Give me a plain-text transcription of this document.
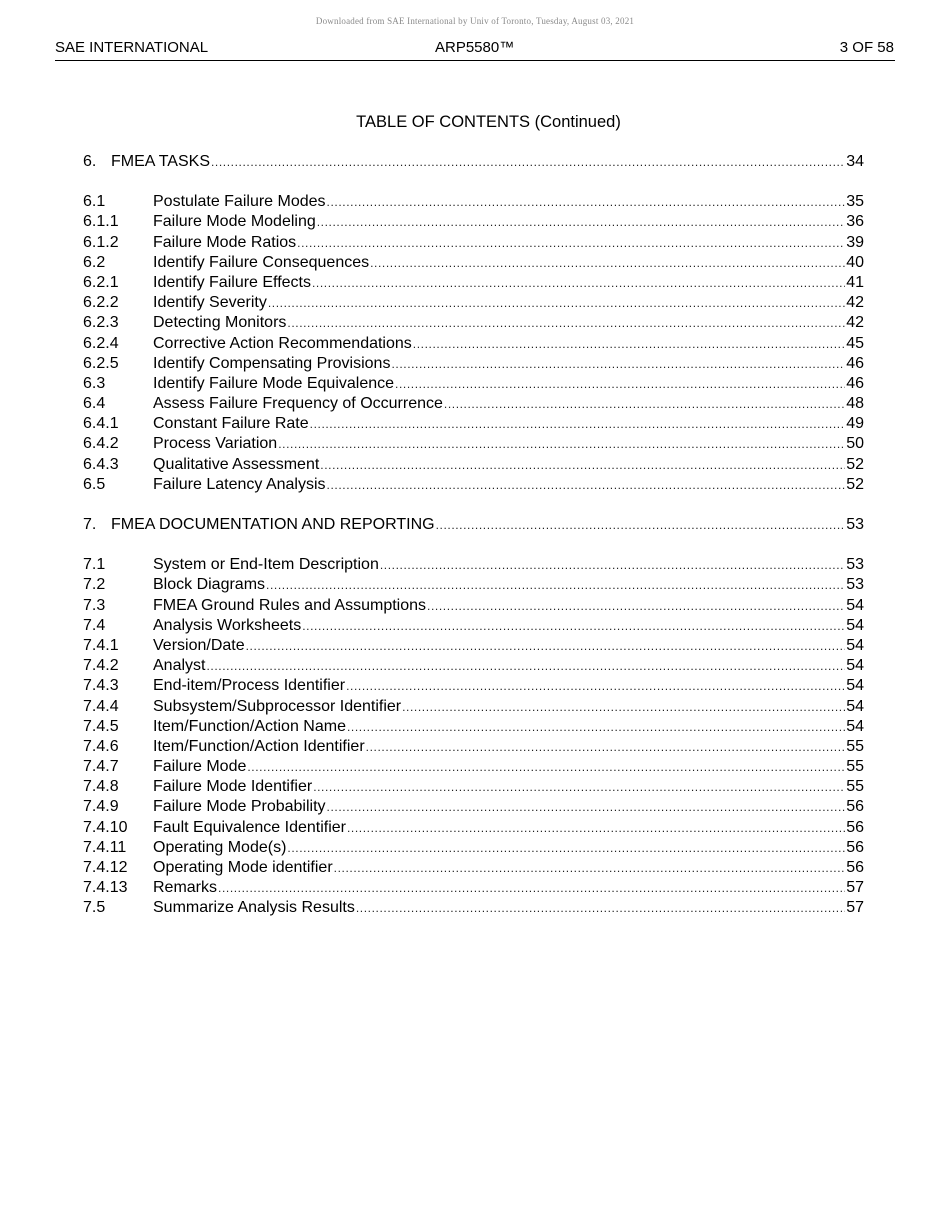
Downloaded from SAE International by Univ of Toronto, Tuesday, August 03, 2021
SAE INTERNATIONAL	ARP5580™	3 OF 58
TABLE OF CONTENTS (Continued)
6. FMEA TASKS .....	34
6.1	Postulate Failure Modes .....	35
6.1.1	Failure Mode Modeling .....	36
6.1.2	Failure Mode Ratios .....	39
6.2	Identify Failure Consequences .....	40
6.2.1	Identify Failure Effects .....	41
6.2.2	Identify Severity .....	42
6.2.3	Detecting Monitors .....	42
6.2.4	Corrective Action Recommendations .....	45
6.2.5	Identify Compensating Provisions .....	46
6.3	Identify Failure Mode Equivalence .....	46
6.4	Assess Failure Frequency of Occurrence .....	48
6.4.1	Constant Failure Rate .....	49
6.4.2	Process Variation .....	50
6.4.3	Qualitative Assessment .....	52
6.5	Failure Latency Analysis .....	52
7. FMEA DOCUMENTATION AND REPORTING .....	53
7.1	System or End-Item Description .....	53
7.2	Block Diagrams .....	53
7.3	FMEA Ground Rules and Assumptions .....	54
7.4	Analysis Worksheets .....	54
7.4.1	Version/Date .....	54
7.4.2	Analyst .....	54
7.4.3	End-item/Process Identifier .....	54
7.4.4	Subsystem/Subprocessor Identifier .....	54
7.4.5	Item/Function/Action Name .....	54
7.4.6	Item/Function/Action Identifier .....	55
7.4.7	Failure Mode .....	55
7.4.8	Failure Mode Identifier .....	55
7.4.9	Failure Mode Probability .....	56
7.4.10	Fault Equivalence Identifier .....	56
7.4.11	Operating Mode(s) .....	56
7.4.12	Operating Mode identifier .....	56
7.4.13	Remarks .....	57
7.5	Summarize Analysis Results .....	57
